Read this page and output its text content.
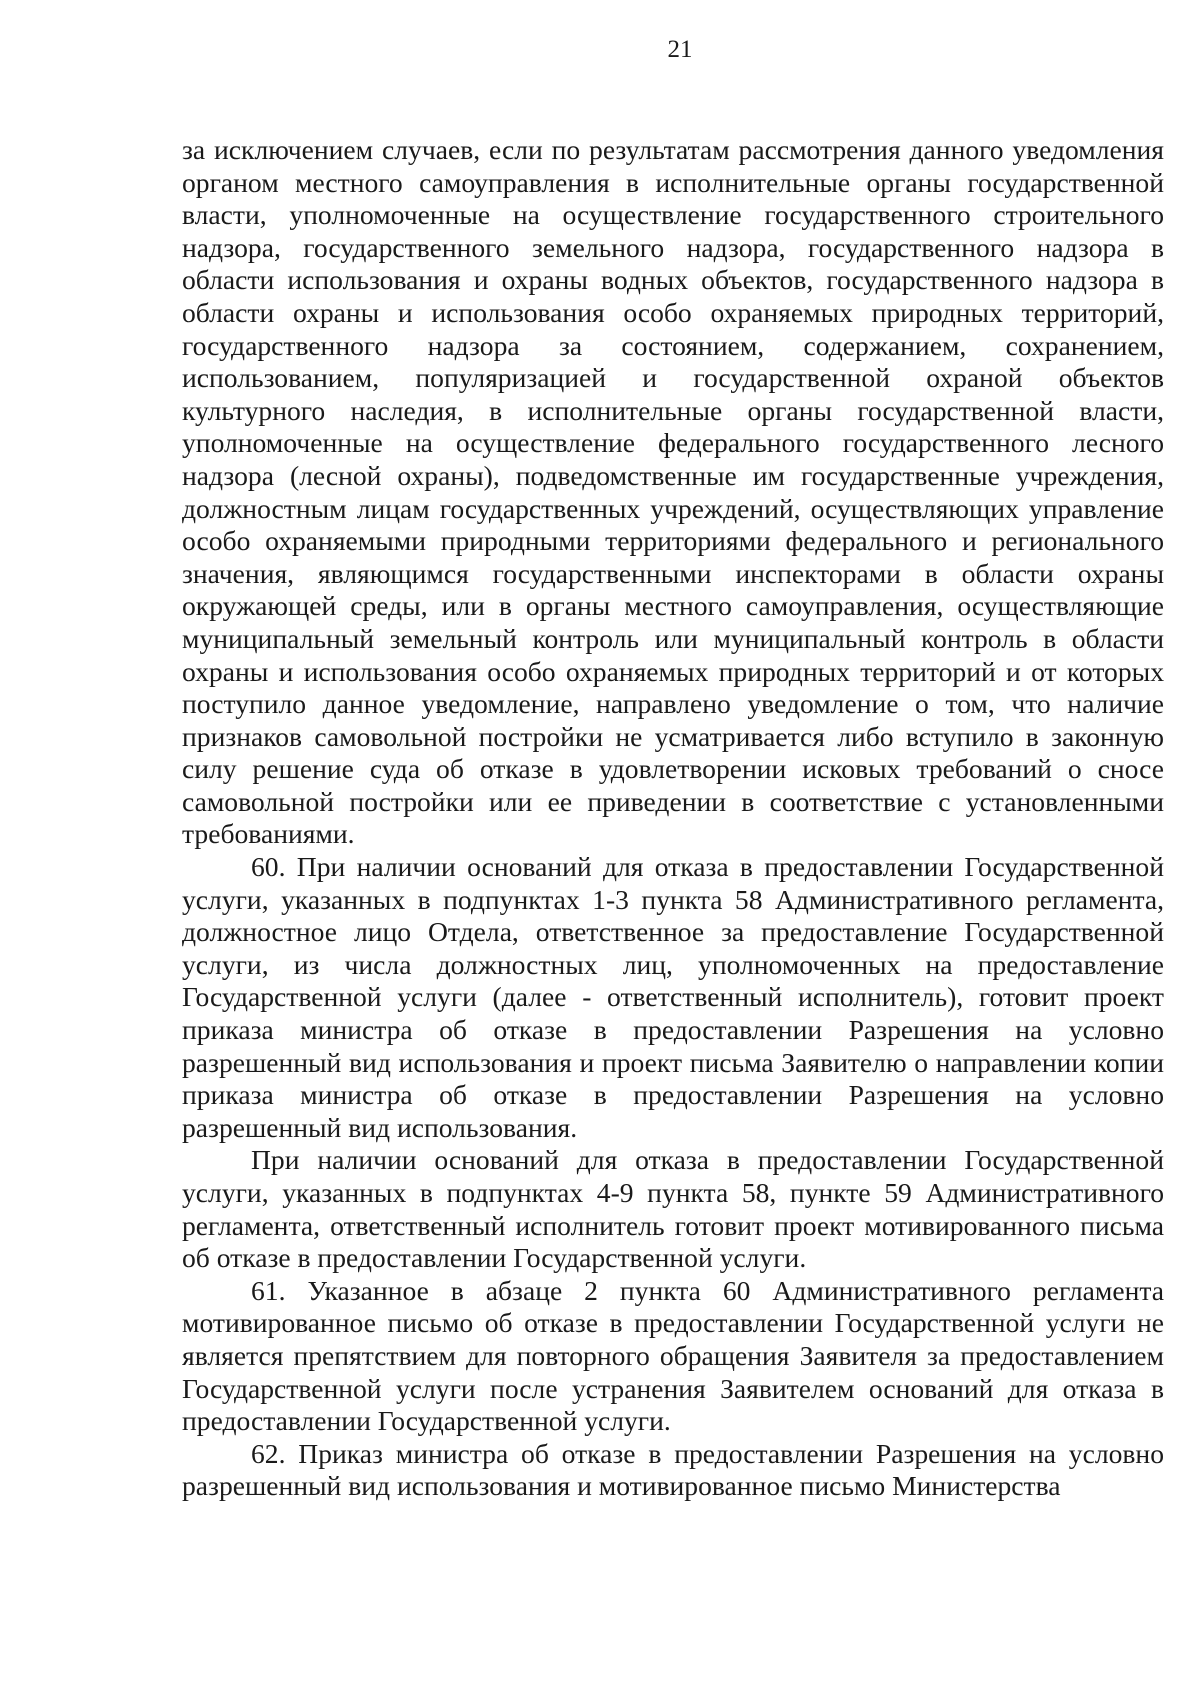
21

за исключением случаев, если по результатам рассмотрения данного уведомления органом местного самоуправления в исполнительные органы государственной власти, уполномоченные на осуществление государственного строительного надзора, государственного земельного надзора, государственного надзора в области использования и охраны водных объектов, государственного надзора в области охраны и использования особо охраняемых природных территорий, государственного надзора за состоянием, содержанием, сохранением, использованием, популяризацией и государственной охраной объектов культурного наследия, в исполнительные органы государственной власти, уполномоченные на осуществление федерального государственного лесного надзора (лесной охраны), подведомственные им государственные учреждения, должностным лицам государственных учреждений, осуществляющих управление особо охраняемыми природными территориями федерального и регионального значения, являющимся государственными инспекторами в области охраны окружающей среды, или в органы местного самоуправления, осуществляющие муниципальный земельный контроль или муниципальный контроль в области охраны и использования особо охраняемых природных территорий и от которых поступило данное уведомление, направлено уведомление о том, что наличие признаков самовольной постройки не усматривается либо вступило в законную силу решение суда об отказе в удовлетворении исковых требований о сносе самовольной постройки или ее приведении в соответствие с установленными требованиями.

60. При наличии оснований для отказа в предоставлении Государственной услуги, указанных в подпунктах 1-3 пункта 58 Административного регламента, должностное лицо Отдела, ответственное за предоставление Государственной услуги, из числа должностных лиц, уполномоченных на предоставление Государственной услуги (далее - ответственный исполнитель), готовит проект приказа министра об отказе в предоставлении Разрешения на условно разрешенный вид использования и проект письма Заявителю о направлении копии приказа министра об отказе в предоставлении Разрешения на условно разрешенный вид использования.

При наличии оснований для отказа в предоставлении Государственной услуги, указанных в подпунктах 4-9 пункта 58, пункте 59 Административного регламента, ответственный исполнитель готовит проект мотивированного письма об отказе в предоставлении Государственной услуги.

61. Указанное в абзаце 2 пункта 60 Административного регламента мотивированное письмо об отказе в предоставлении Государственной услуги не является препятствием для повторного обращения Заявителя за предоставлением Государственной услуги после устранения Заявителем оснований для отказа в предоставлении Государственной услуги.

62. Приказ министра об отказе в предоставлении Разрешения на условно разрешенный вид использования и мотивированное письмо Министерства
